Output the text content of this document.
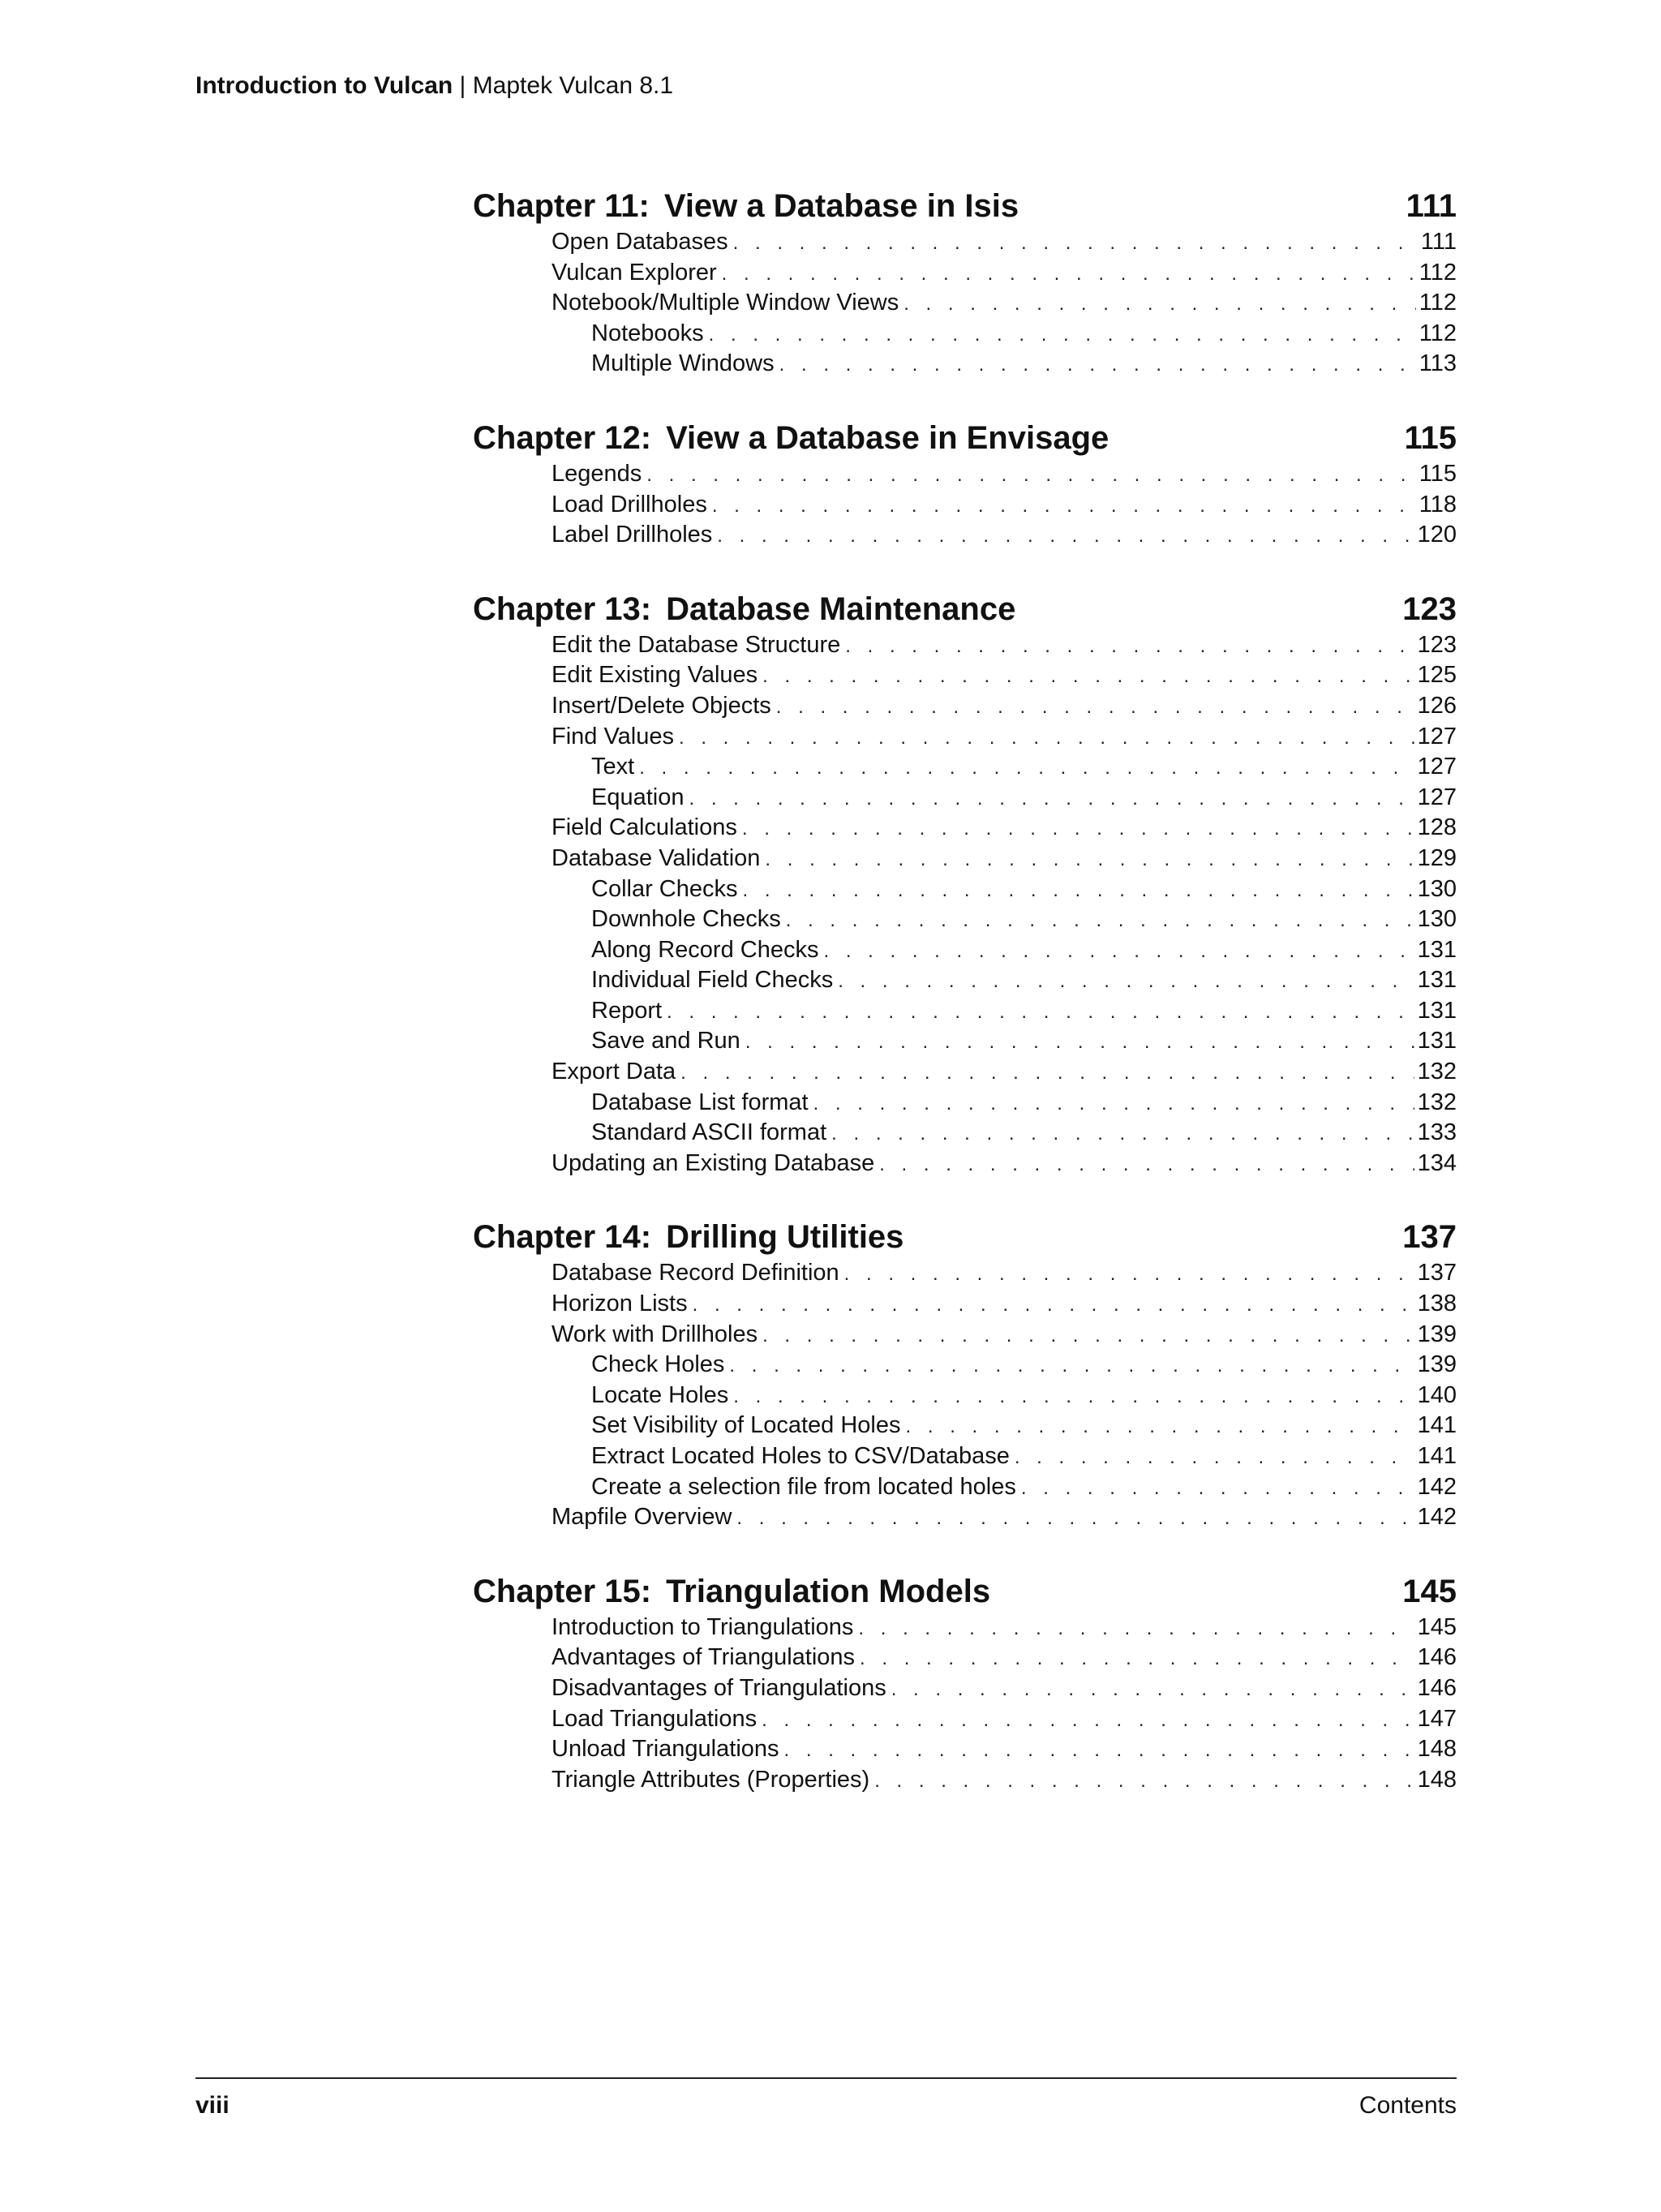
Introduction to Vulcan | Maptek Vulcan 8.1
Chapter 11: View a Database in Isis	111
Open Databases . . .	111
Vulcan Explorer . . .	112
Notebook/Multiple Window Views . . .	112
Notebooks . . .	112
Multiple Windows . . .	113
Chapter 12: View a Database in Envisage	115
Legends . . .	115
Load Drillholes . . .	118
Label Drillholes . . .	120
Chapter 13: Database Maintenance	123
Edit the Database Structure . . .	123
Edit Existing Values . . .	125
Insert/Delete Objects . . .	126
Find Values . . .	127
Text . . .	127
Equation . . .	127
Field Calculations . . .	128
Database Validation . . .	129
Collar Checks . . .	130
Downhole Checks . . .	130
Along Record Checks . . .	131
Individual Field Checks . . .	131
Report . . .	131
Save and Run . . .	131
Export Data . . .	132
Database List format . . .	132
Standard ASCII format . . .	133
Updating an Existing Database . . .	134
Chapter 14: Drilling Utilities	137
Database Record Definition . . .	137
Horizon Lists . . .	138
Work with Drillholes . . .	139
Check Holes . . .	139
Locate Holes . . .	140
Set Visibility of Located Holes . . .	141
Extract Located Holes to CSV/Database . . .	141
Create a selection file from located holes . . .	142
Mapfile Overview . . .	142
Chapter 15: Triangulation Models	145
Introduction to Triangulations . . .	145
Advantages of Triangulations . . .	146
Disadvantages of Triangulations . . .	146
Load Triangulations . . .	147
Unload Triangulations . . .	148
Triangle Attributes (Properties) . . .	148
viii	Contents
